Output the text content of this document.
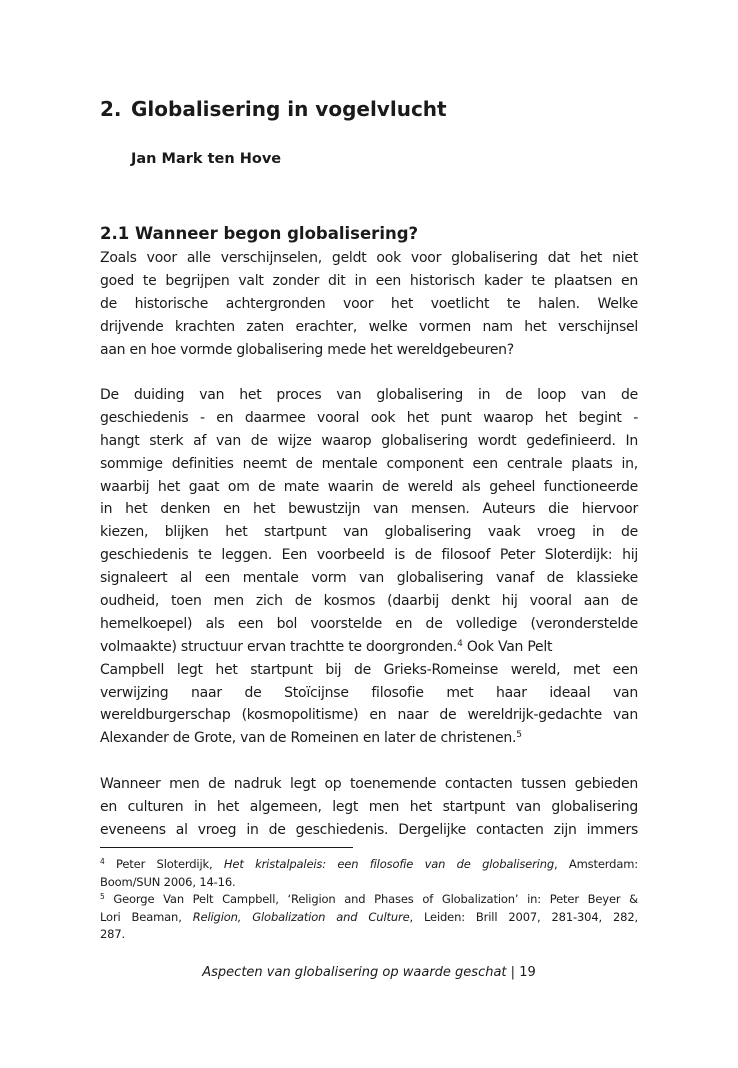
2. Globalisering in vogelvlucht
Jan Mark ten Hove
2.1 Wanneer begon globalisering?
Zoals voor alle verschijnselen, geldt ook voor globalisering dat het niet
goed te begrijpen valt zonder dit in een historisch kader te plaatsen en
de historische achtergronden voor het voetlicht te halen. Welke
drijvende krachten zaten erachter, welke vormen nam het verschijnsel
aan en hoe vormde globalisering mede het wereldgebeuren?
De duiding van het proces van globalisering in de loop van de
geschiedenis - en daarmee vooral ook het punt waarop het begint -
hangt sterk af van de wijze waarop globalisering wordt gedefinieerd. In
sommige definities neemt de mentale component een centrale plaats in,
waarbij het gaat om de mate waarin de wereld als geheel functioneerde
in het denken en het bewustzijn van mensen. Auteurs die hiervoor
kiezen, blijken het startpunt van globalisering vaak vroeg in de
geschiedenis te leggen. Een voorbeeld is de filosoof Peter Sloterdijk: hij
signaleert al een mentale vorm van globalisering vanaf de klassieke
oudheid, toen men zich de kosmos (daarbij denkt hij vooral aan de
hemelkoepel) als een bol voorstelde en de volledige (veronderstelde
volmaakte) structuur ervan trachtte te doorgronden.$^4$ Ook Van Pelt
Campbell legt het startpunt bij de Grieks-Romeinse wereld, met een
verwijzing naar de Stoïcijnse filosofie met haar ideaal van
wereldburgerschap (kosmopolitisme) en naar de wereldrijk-gedachte van
Alexander de Grote, van de Romeinen en later de christenen.$^5$
Wanneer men de nadruk legt op toenemende contacten tussen gebieden
en culturen in het algemeen, legt men het startpunt van globalisering
eveneens al vroeg in de geschiedenis. Dergelijke contacten zijn immers
$^4$ Peter Sloterdijk, Het kristalpaleis: een filosofie van de globalisering, Amsterdam:
Boom/SUN 2006, 14-16.
$^5$ George Van Pelt Campbell, ‘Religion and Phases of Globalization’ in: Peter Beyer &
Lori Beaman, Religion, Globalization and Culture, Leiden: Brill 2007, 281-304, 282,
287.
Aspecten van globalisering op waarde geschat | 19
